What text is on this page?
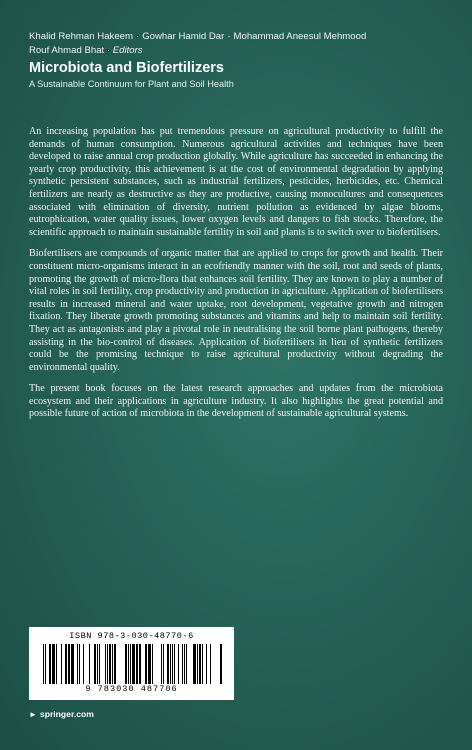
Khalid Rehman Hakeem · Gowhar Hamid Dar · Mohammad Aneesul Mehmood
Rouf Ahmad Bhat · Editors
Microbiota and Biofertilizers
A Sustainable Continuum for Plant and Soil Health

An increasing population has put tremendous pressure on agricultural productivity to fulfill the demands of human consumption. Numerous agricultural activities and techniques have been developed to raise annual crop production globally. While agriculture has succeeded in enhancing the yearly crop productivity, this achievement is at the cost of environmental degradation by applying synthetic persistent substances, such as industrial fertilizers, pesticides, herbicides, etc. Chemical fertilizers are nearly as destructive as they are productive, causing monocultures and consequences associated with elimination of diversity, nutrient pollution as evidenced by algae blooms, eutrophication, water quality issues, lower oxygen levels and dangers to fish stocks. Therefore, the scientific approach to maintain sustainable fertility in soil and plants is to switch over to biofertilisers.

Biofertilisers are compounds of organic matter that are applied to crops for growth and health. Their constituent micro-organisms interact in an ecofriendly manner with the soil, root and seeds of plants, promoting the growth of micro-flora that enhances soil fertility. They are known to play a number of vital roles in soil fertility, crop productivity and production in agriculture. Application of biofertilisers results in increased mineral and water uptake, root development, vegetative growth and nitrogen fixation. They liberate growth promoting substances and vitamins and help to maintain soil fertility. They act as antagonists and play a pivotal role in neutralising the soil borne plant pathogens, thereby assisting in the bio-control of diseases. Application of biofertilisers in lieu of synthetic fertilizers could be the promising technique to raise agricultural productivity without degrading the environmental quality.

The present book focuses on the latest research approaches and updates from the microbiota ecosystem and their applications in agriculture industry. It also highlights the great potential and possible future of action of microbiota in the development of sustainable agricultural systems.

ISBN 978-3-030-48770-6
9 783030 487706
► springer.com
